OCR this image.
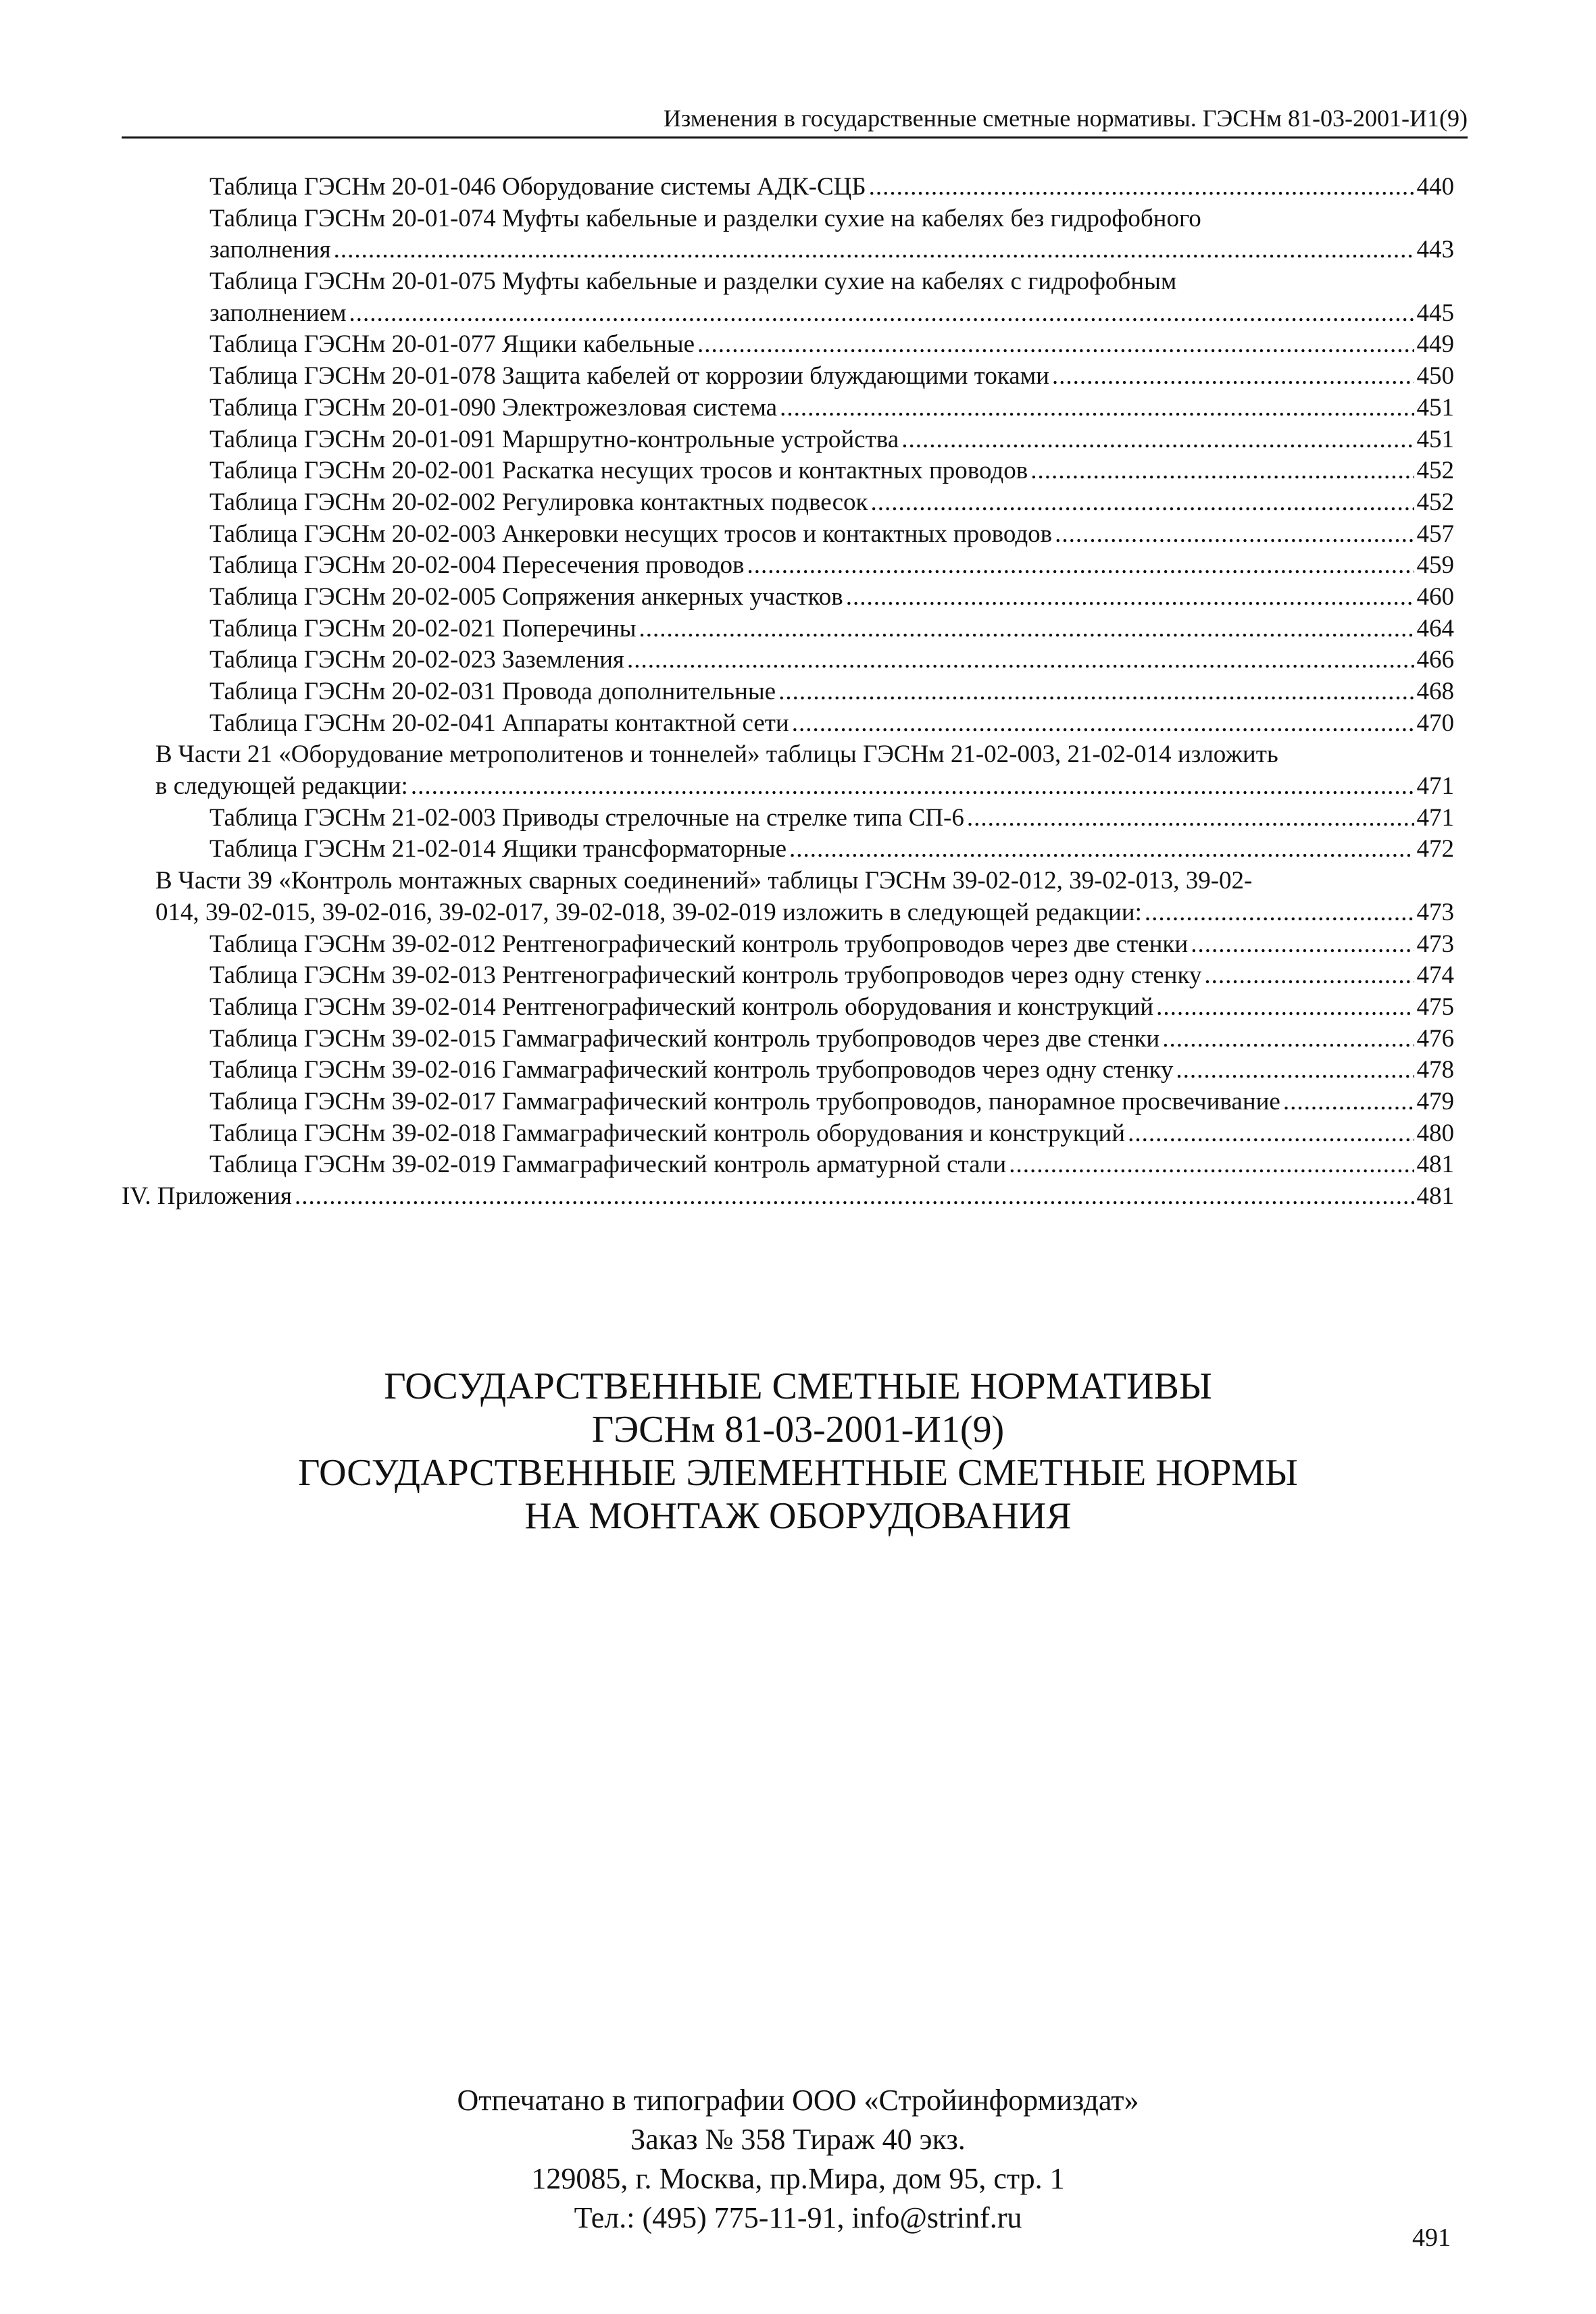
Изменения в государственные сметные нормативы. ГЭСНм 81-03-2001-И1(9)
Таблица ГЭСНм 20-01-046 Оборудование системы АДК-СЦБ .....	440
Таблица ГЭСНм 20-01-074 Муфты кабельные и разделки сухие на кабелях без гидрофобного
заполнения .....	443
Таблица ГЭСНм 20-01-075 Муфты кабельные и разделки сухие на кабелях с гидрофобным
заполнением .....	445
Таблица ГЭСНм 20-01-077 Ящики кабельные .....	449
Таблица ГЭСНм 20-01-078 Защита кабелей от коррозии блуждающими токами .....	450
Таблица ГЭСНм 20-01-090 Электрожезловая система .....	451
Таблица ГЭСНм 20-01-091 Маршрутно-контрольные устройства .....	451
Таблица ГЭСНм 20-02-001 Раскатка несущих тросов и контактных проводов .....	452
Таблица ГЭСНм 20-02-002 Регулировка контактных подвесок .....	452
Таблица ГЭСНм 20-02-003 Анкеровки несущих тросов и контактных проводов .....	457
Таблица ГЭСНм 20-02-004 Пересечения проводов .....	459
Таблица ГЭСНм 20-02-005 Сопряжения анкерных участков .....	460
Таблица ГЭСНм 20-02-021 Поперечины .....	464
Таблица ГЭСНм 20-02-023 Заземления .....	466
Таблица ГЭСНм 20-02-031 Провода дополнительные .....	468
Таблица ГЭСНм 20-02-041 Аппараты контактной сети .....	470
В Части 21 «Оборудование метрополитенов и тоннелей» таблицы ГЭСНм 21-02-003, 21-02-014 изложить
в следующей редакции: .....	471
Таблица ГЭСНм 21-02-003 Приводы стрелочные на стрелке типа СП-6 .....	471
Таблица ГЭСНм 21-02-014 Ящики трансформаторные .....	472
В Части 39 «Контроль монтажных сварных соединений» таблицы ГЭСНм 39-02-012, 39-02-013, 39-02-
014, 39-02-015, 39-02-016, 39-02-017, 39-02-018, 39-02-019 изложить в следующей редакции: .....	473
Таблица ГЭСНм 39-02-012 Рентгенографический контроль трубопроводов через две стенки .....	473
Таблица ГЭСНм 39-02-013 Рентгенографический контроль трубопроводов через одну стенку .....	474
Таблица ГЭСНм 39-02-014 Рентгенографический контроль оборудования и конструкций .....	475
Таблица ГЭСНм 39-02-015 Гаммаграфический контроль трубопроводов через две стенки .....	476
Таблица ГЭСНм 39-02-016 Гаммаграфический контроль трубопроводов через одну стенку .....	478
Таблица ГЭСНм 39-02-017 Гаммаграфический контроль трубопроводов, панорамное просвечивание .....	479
Таблица ГЭСНм 39-02-018 Гаммаграфический контроль оборудования и конструкций .....	480
Таблица ГЭСНм 39-02-019 Гаммаграфический контроль арматурной стали .....	481
IV. Приложения .....	481
ГОСУДАРСТВЕННЫЕ СМЕТНЫЕ НОРМАТИВЫ
ГЭСНм 81-03-2001-И1(9)
ГОСУДАРСТВЕННЫЕ ЭЛЕМЕНТНЫЕ СМЕТНЫЕ НОРМЫ
НА МОНТАЖ ОБОРУДОВАНИЯ
Отпечатано в типографии ООО «Стройинформиздат»
Заказ № 358 Тираж 40 экз.
129085, г. Москва, пр.Мира, дом 95, стр. 1
Тел.: (495) 775-11-91, info@strinf.ru
491
